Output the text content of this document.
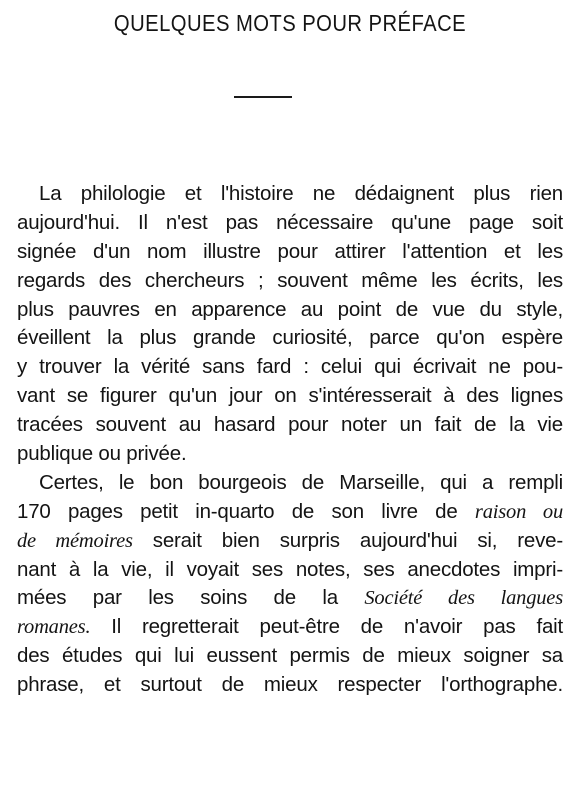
QUELQUES MOTS POUR PRÉFACE
La philologie et l'histoire ne dédaignent plus rien
aujourd'hui. Il n'est pas nécessaire qu'une page soit
signée d'un nom illustre pour attirer l'attention et les
regards des chercheurs ; souvent même les écrits, les
plus pauvres en apparence au point de vue du style,
éveillent la plus grande curiosité, parce qu'on espère
y trouver la vérité sans fard : celui qui écrivait ne pou-
vant se figurer qu'un jour on s'intéresserait à des lignes
tracées souvent au hasard pour noter un fait de la vie
publique ou privée.
Certes, le bon bourgeois de Marseille, qui a rempli
170 pages petit in-quarto de son livre de raison ou
de mémoires serait bien surpris aujourd'hui si, reve-
nant à la vie, il voyait ses notes, ses anecdotes impri-
mées par les soins de la Société des langues
romanes. Il regretterait peut-être de n'avoir pas fait
des études qui lui eussent permis de mieux soigner sa
phrase, et surtout de mieux respecter l'orthographe.
